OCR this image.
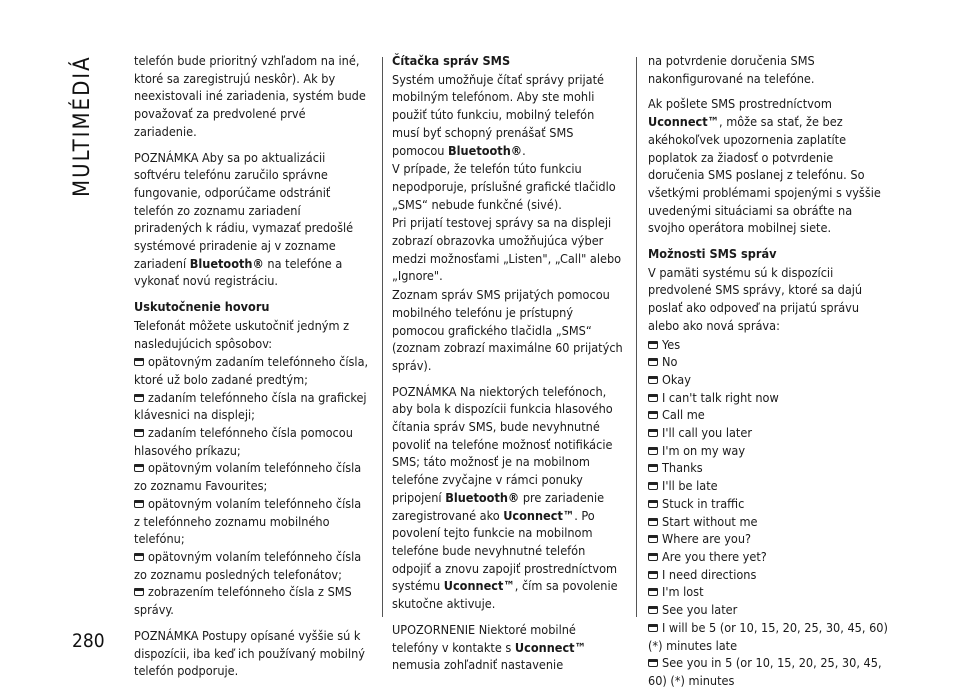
MULTIMÉDIÁ
280

telefón bude prioritný vzhľadom na iné, ktoré sa zaregistrujú neskôr). Ak by neexistovali iné zariadenia, systém bude považovať za predvolené prvé zariadenie.

POZNÁMKA Aby sa po aktualizácii softvéru telefónu zaručilo správne fungovanie, odporúčame odstrániť telefón zo zoznamu zariadení priradených k rádiu, vymazať predošlé systémové priradenie aj v zozname zariadení Bluetooth® na telefóne a vykonať novú registráciu.

Uskutočnenie hovoru

Telefonát môžete uskutočniť jedným z nasledujúcich spôsobov:

opätovným zadaním telefónneho čísla, ktoré už bolo zadané predtým;
zadaním telefónneho čísla na grafickej klávesnici na displeji;
zadaním telefónneho čísla pomocou hlasového príkazu;
opätovným volaním telefónneho čísla zo zoznamu Favourites;
opätovným volaním telefónneho čísla z telefónneho zoznamu mobilného telefónu;
opätovným volaním telefónneho čísla zo zoznamu posledných telefonátov;
zobrazením telefónneho čísla z SMS správy.

POZNÁMKA Postupy opísané vyššie sú k dispozícii, iba keď ich používaný mobilný telefón podporuje.

Čítačka správ SMS

Systém umožňuje čítať správy prijaté mobilným telefónom. Aby ste mohli použiť túto funkciu, mobilný telefón musí byť schopný prenášať SMS pomocou Bluetooth®.

V prípade, že telefón túto funkciu nepodporuje, príslušné grafické tlačidlo „SMS“ nebude funkčné (sivé).

Pri prijatí testovej správy sa na displeji zobrazí obrazovka umožňujúca výber medzi možnosťami „Listen", „Call" alebo „Ignore".

Zoznam správ SMS prijatých pomocou mobilného telefónu je prístupný pomocou grafického tlačidla „SMS“ (zoznam zobrazí maximálne 60 prijatých správ).

POZNÁMKA Na niektorých telefónoch, aby bola k dispozícii funkcia hlasového čítania správ SMS, bude nevyhnutné povoliť na telefóne možnosť notifikácie SMS; táto možnosť je na mobilnom telefóne zvyčajne v rámci ponuky pripojení Bluetooth® pre zariadenie zaregistrované ako Uconnect™. Po povolení tejto funkcie na mobilnom telefóne bude nevyhnutné telefón odpojiť a znovu zapojiť prostredníctvom systému Uconnect™, čím sa povolenie skutočne aktivuje.

UPOZORNENIE Niektoré mobilné telefóny v kontakte s Uconnect™ nemusia zohľadniť nastavenie

na potvrdenie doručenia SMS nakonfigurované na telefóne.

Ak pošlete SMS prostredníctvom Uconnect™, môže sa stať, že bez akéhokoľvek upozornenia zaplatíte poplatok za žiadosť o potvrdenie doručenia SMS poslanej z telefónu. So všetkými problémami spojenými s vyššie uvedenými situáciami sa obráťte na svojho operátora mobilnej siete.

Možnosti SMS správ

V pamäti systému sú k dispozícii predvolené SMS správy, ktoré sa dajú poslať ako odpoveď na prijatú správu alebo ako nová správa:

Yes
No
Okay
I can't talk right now
Call me
I'll call you later
I'm on my way
Thanks
I'll be late
Stuck in traffic
Start without me
Where are you?
Are you there yet?
I need directions
I'm lost
See you later
I will be 5 (or 10, 15, 20, 25, 30, 45, 60) (*) minutes late
See you in 5 (or 10, 15, 20, 25, 30, 45, 60) (*) minutes
